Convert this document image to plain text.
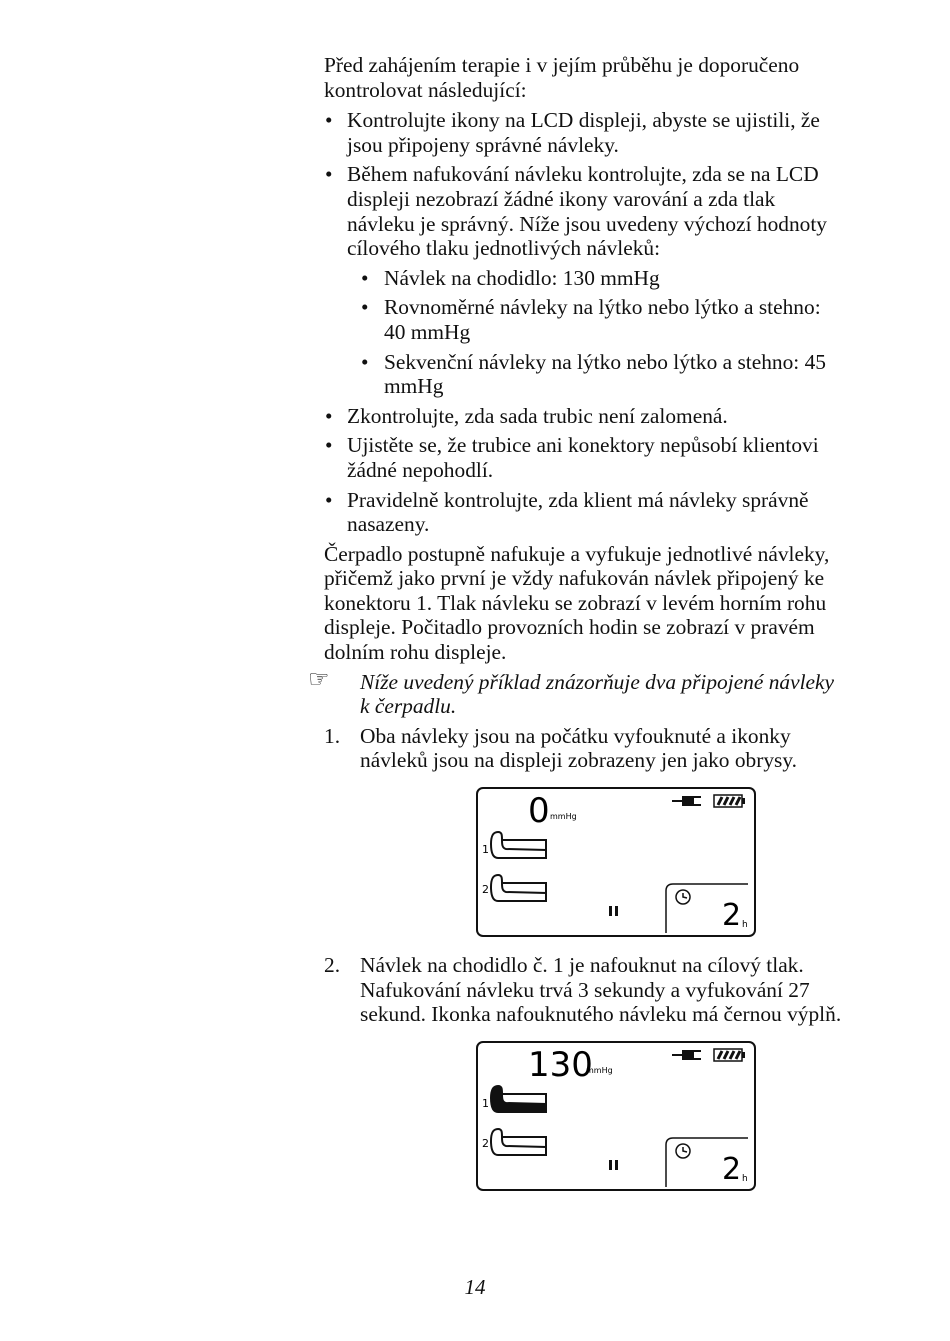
Před zahájením terapie i v jejím průběhu je doporučeno kontrolovat následující:

• Kontrolujte ikony na LCD displeji, abyste se ujistili, že jsou připojeny správné návleky.
• Během nafukování návleku kontrolujte, zda se na LCD displeji nezobrazí žádné ikony varování a zda tlak návleku je správný. Níže jsou uvedeny výchozí hodnoty cílového tlaku jednotlivých návleků:
• Návlek na chodidlo: 130 mmHg
• Rovnoměrné návleky na lýtko nebo lýtko a stehno: 40 mmHg
• Sekvenční návleky na lýtko nebo lýtko a stehno: 45 mmHg
• Zkontrolujte, zda sada trubic není zalomená.
• Ujistěte se, že trubice ani konektory nepůsobí klientovi žádné nepohodlí.
• Pravidelně kontrolujte, zda klient má návleky správně nasazeny.

Čerpadlo postupně nafukuje a vyfukuje jednotlivé návleky, přičemž jako první je vždy nafukován návlek připojený ke konektoru 1. Tlak návleku se zobrazí v levém horním rohu displeje. Počitadlo provozních hodin se zobrazí v pravém dolním rohu displeje.

☞ Níže uvedený příklad znázorňuje dva připojené návleky k čerpadlu.
1. Oba návleky jsou na počátku vyfouknuté a ikonky návleků jsou na displeji zobrazeny jen jako obrysy.
0 mmHg
1
2
2 h
2. Návlek na chodidlo č. 1 je nafouknut na cílový tlak. Nafukování návleku trvá 3 sekundy a vyfukování 27 sekund. Ikonka nafouknutého návleku má černou výplň.
130
mmHg
1
2
2 h
14
